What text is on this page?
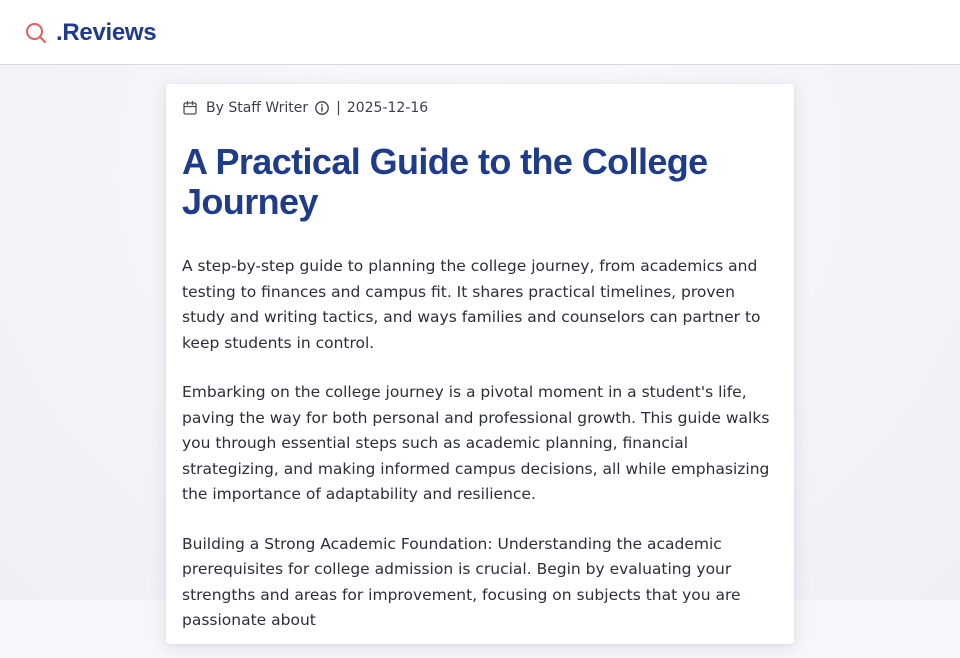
.Reviews
By Staff Writer | 2025-12-16
A Practical Guide to the College Journey

A step-by-step guide to planning the college journey, from academics and testing to finances and campus fit. It shares practical timelines, proven study and writing tactics, and ways families and counselors can partner to keep students in control.

Embarking on the college journey is a pivotal moment in a student's life, paving the way for both personal and professional growth. This guide walks you through essential steps such as academic planning, financial strategizing, and making informed campus decisions, all while emphasizing the importance of adaptability and resilience.

Building a Strong Academic Foundation: Understanding the academic prerequisites for college admission is crucial. Begin by evaluating your strengths and areas for improvement, focusing on subjects that you are passionate about
